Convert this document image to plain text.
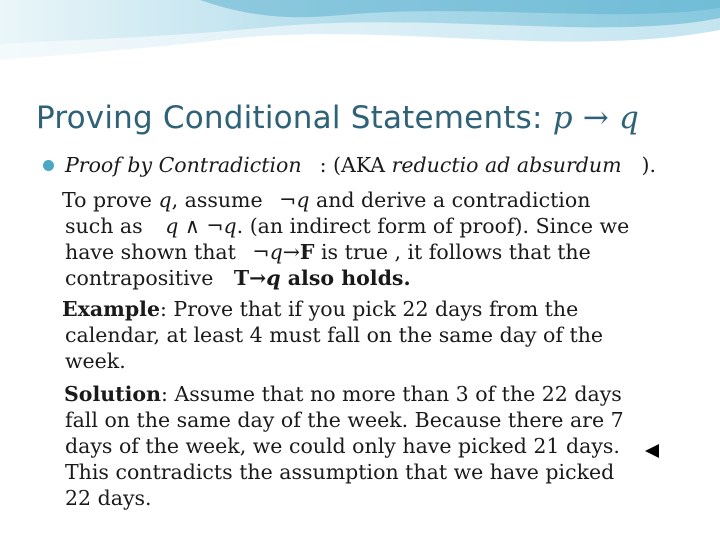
Proving Conditional Statements: p → q
Proof by Contradiction : (AKA reductio ad absurdum ).
To prove q, assume ¬q and derive a contradiction
such as q ∧ ¬q. (an indirect form of proof). Since we
have shown that ¬q→F is true , it follows that the
contrapositive T→q also holds.
Example: Prove that if you pick 22 days from the
calendar, at least 4 must fall on the same day of the
week.
Solution: Assume that no more than 3 of the 22 days
fall on the same day of the week. Because there are 7
days of the week, we could only have picked 21 days.
This contradicts the assumption that we have picked
22 days.
